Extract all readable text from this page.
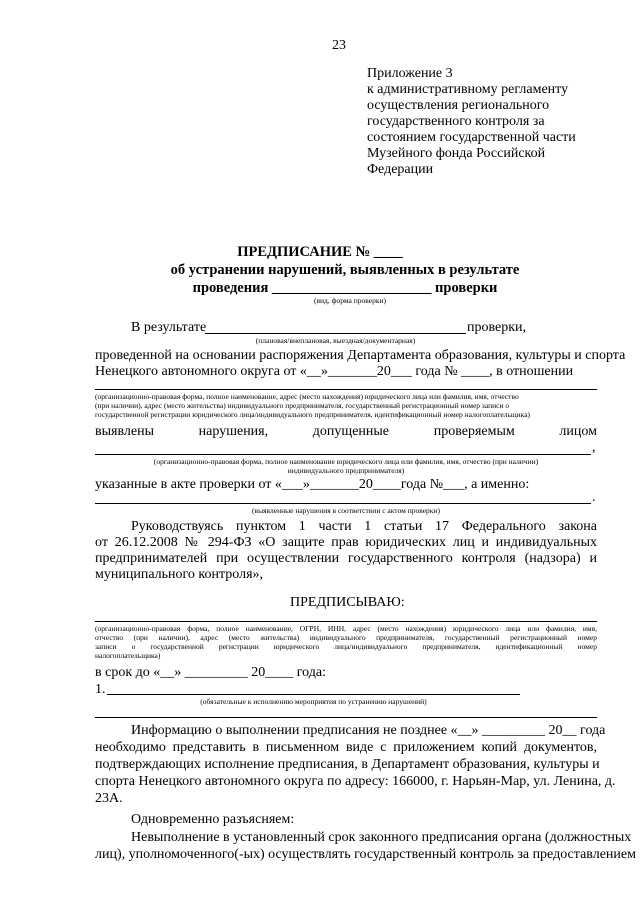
23
Приложение 3
к административному регламенту
осуществления регионального
государственного контроля за
состоянием государственной части
Музейного фонда Российской
Федерации
ПРЕДПИСАНИЕ № ____
об устранении нарушений, выявленных в результате
проведения ______________________ проверки
(вид, форма проверки)
В результате	проверки,
(плановая/внеплановая, выездная/документарная)
проведенной на основании распоряжения Департамента образования, культуры и спорта
Ненецкого автономного округа от «__»_______20___ года № ____, в отношении
(организационно-правовая форма, полное наименование, адрес (место нахождения) юридического лица или фамилия, имя, отчество
(при наличии), адрес (место жительства) индивидуального предпринимателя, государственный регистрационный номер записи о
государственной регистрации юридического лица/индивидуального предпринимателя, идентификационный номер налогоплательщика)
выявлены нарушения, допущенные проверяемым лицом
,
(организационно-правовая форма, полное наименование юридического лица или фамилия, имя, отчество (при наличии)
индивидуального предпринимателя)
указанные в акте проверки от «___»_______20____года №___, а именно:
.
(выявленные нарушения в соответствии с актом проверки)
Руководствуясь пунктом 1 части 1 статьи 17 Федерального закона
от 26.12.2008 № 294-ФЗ «О защите прав юридических лиц и индивидуальных
предпринимателей при осуществлении государственного контроля (надзора) и
муниципального контроля»,
ПРЕДПИСЫВАЮ:
(организационно-правовая форма, полное наименование, ОГРН, ИНН, адрес (место нахождения) юридического лица или фамилия, имя,
отчество (при наличии), адрес (место жительства) индивидуального предпринимателя, государственный регистрационный номер
записи о государственной регистрации юридического лица/индивидуального предпринимателя, идентификационный номер
налогоплательщика)
в срок до «__» _________ 20____ года:
1.
(обязательные к исполнению мероприятия по устранению нарушений)
Информацию о выполнении предписания не позднее «__» _________ 20__ года
необходимо представить в письменном виде с приложением копий документов,
подтверждающих исполнение предписания, в Департамент образования, культуры и
спорта Ненецкого автономного округа по адресу: 166000, г. Нарьян-Мар, ул. Ленина, д.
23А.
Одновременно разъясняем:
Невыполнение в установленный срок законного предписания органа (должностных
лиц), уполномоченного(-ых) осуществлять государственный контроль за предоставлением
